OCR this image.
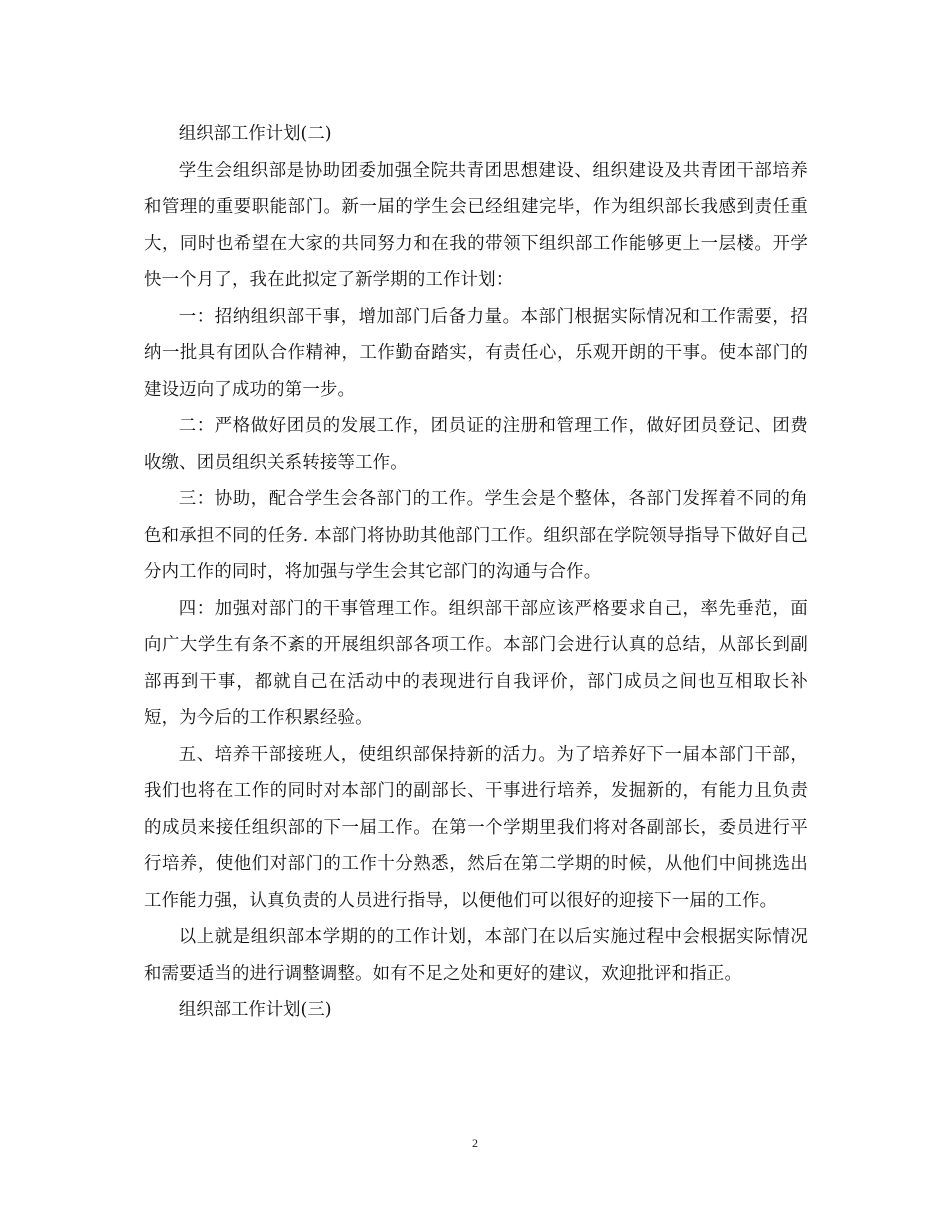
组织部工作计划(二)

学生会组织部是协助团委加强全院共青团思想建设、组织建设及共青团干部培养和管理的重要职能部门。新一届的学生会已经组建完毕，作为组织部长我感到责任重大，同时也希望在大家的共同努力和在我的带领下组织部工作能够更上一层楼。开学快一个月了，我在此拟定了新学期的工作计划：

一：招纳组织部干事，增加部门后备力量。本部门根据实际情况和工作需要，招纳一批具有团队合作精神，工作勤奋踏实，有责任心，乐观开朗的干事。使本部门的建设迈向了成功的第一步。

二：严格做好团员的发展工作，团员证的注册和管理工作，做好团员登记、团费收缴、团员组织关系转接等工作。

三：协助，配合学生会各部门的工作。学生会是个整体，各部门发挥着不同的角色和承担不同的任务. 本部门将协助其他部门工作。组织部在学院领导指导下做好自己分内工作的同时，将加强与学生会其它部门的沟通与合作。

四：加强对部门的干事管理工作。组织部干部应该严格要求自己，率先垂范，面向广大学生有条不紊的开展组织部各项工作。本部门会进行认真的总结，从部长到副部再到干事，都就自己在活动中的表现进行自我评价，部门成员之间也互相取长补短，为今后的工作积累经验。

五、培养干部接班人，使组织部保持新的活力。为了培养好下一届本部门干部，我们也将在工作的同时对本部门的副部长、干事进行培养，发掘新的，有能力且负责的成员来接任组织部的下一届工作。在第一个学期里我们将对各副部长，委员进行平行培养，使他们对部门的工作十分熟悉，然后在第二学期的时候，从他们中间挑选出工作能力强，认真负责的人员进行指导，以便他们可以很好的迎接下一届的工作。

以上就是组织部本学期的的工作计划，本部门在以后实施过程中会根据实际情况和需要适当的进行调整调整。如有不足之处和更好的建议，欢迎批评和指正。

组织部工作计划(三)

2
